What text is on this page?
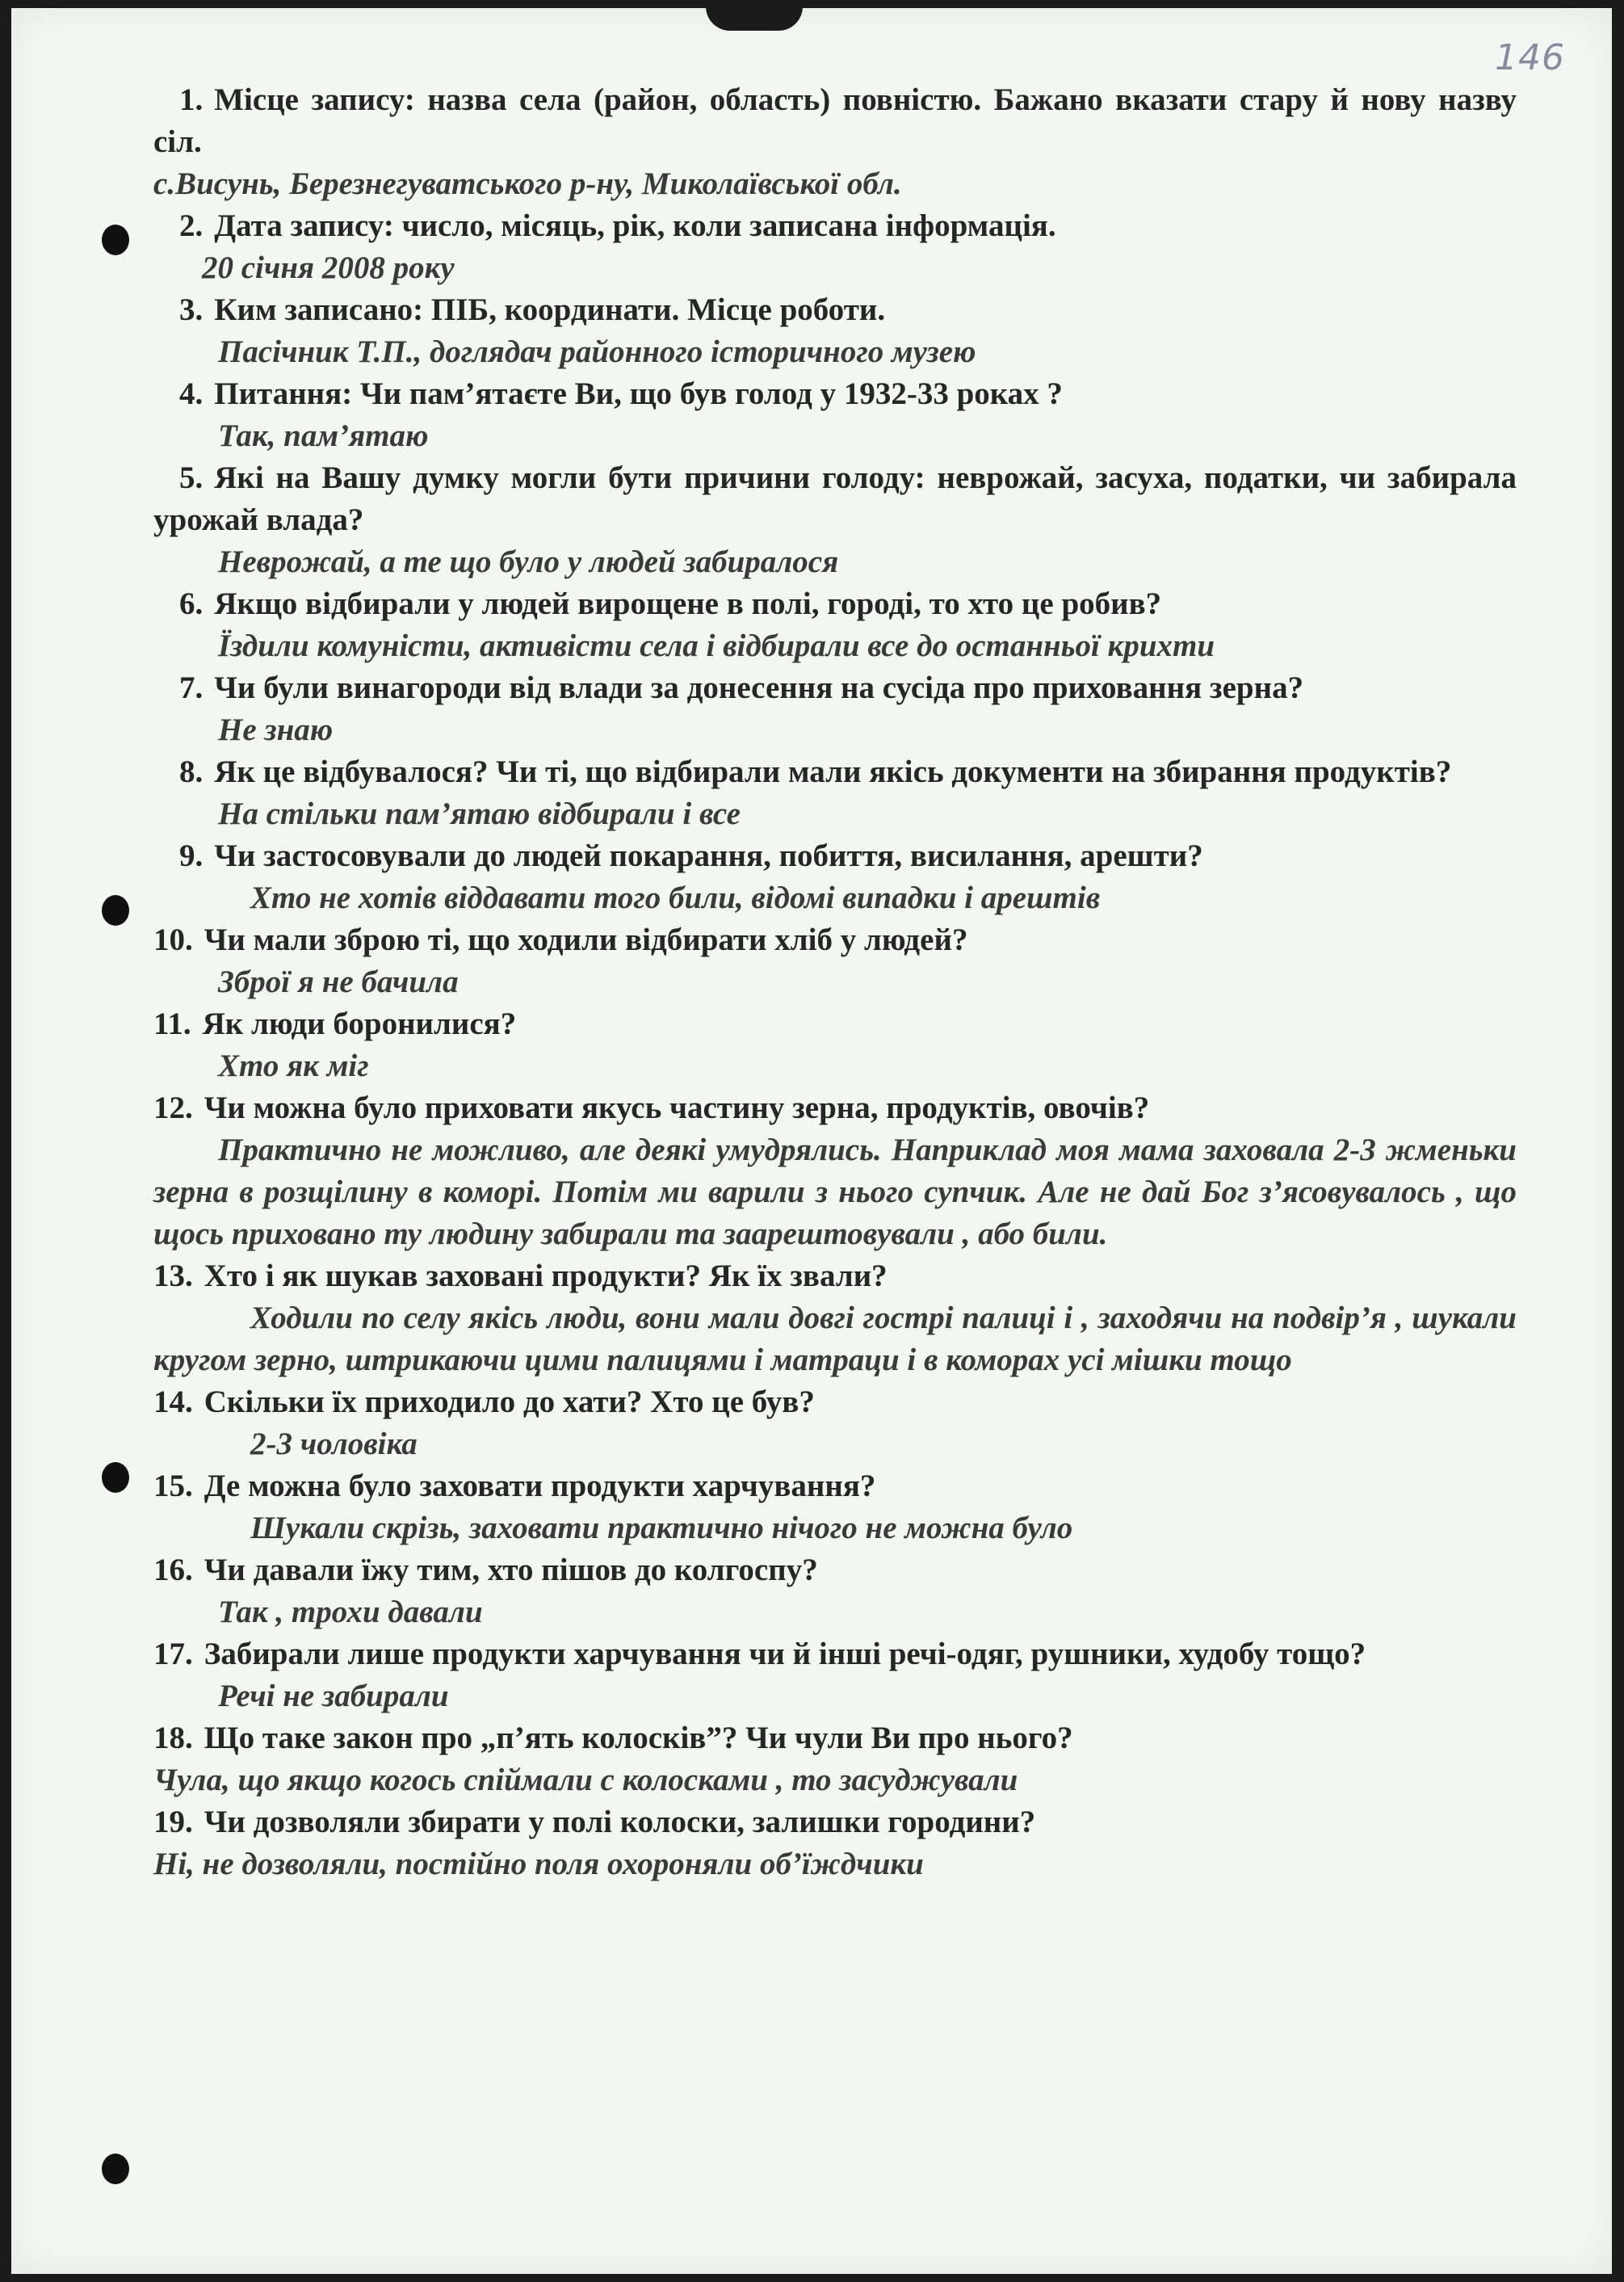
146

1. Місце запису: назва села (район, область) повністю. Бажано вказати стару й нову назву сіл.

с.Висунь, Березнегуватського р-ну, Миколаївської обл.

2. Дата запису: число, місяць, рік, коли записана інформація.

20 січня 2008 року

3. Ким записано: ПІБ, координати. Місце роботи.

Пасічник Т.П., доглядач районного історичного музею

4. Питання: Чи пам’ятаєте Ви, що був голод у 1932-33 роках ?

Так, пам’ятаю

5. Які на Вашу думку могли бути причини голоду: неврожай, засуха, податки, чи забирала урожай влада?

Неврожай, а те що було у людей забиралося

6. Якщо відбирали у людей вирощене в полі, городі, то хто це робив?

Їздили комуністи, активісти села і відбирали все до останньої крихти

7. Чи були винагороди від влади за донесення на сусіда про приховання зерна?

Не знаю

8. Як це відбувалося? Чи ті, що відбирали мали якісь документи на збирання продуктів?

На стільки пам’ятаю відбирали і все

9. Чи застосовували до людей покарання, побиття, висилання, арешти?

Хто не хотів віддавати того били, відомі випадки і арештів

10. Чи мали зброю ті, що ходили відбирати хліб у людей?

Зброї я не бачила

11. Як люди боронилися?

Хто як міг

12. Чи можна було приховати якусь частину зерна, продуктів, овочів?

Практично не можливо, але деякі умудрялись. Наприклад моя мама заховала 2-3 жменьки зерна в розщілину в коморі. Потім ми варили з нього супчик. Але не дай Бог з’ясовувалось , що щось приховано ту людину забирали та заарештовували , або били.

13. Хто і як шукав заховані продукти? Як їх звали?

Ходили по селу якісь люди, вони мали довгі гострі палиці і , заходячи на подвір’я , шукали кругом зерно, штрикаючи цими палицями і матраци і в коморах усі мішки тощо

14. Скільки їх приходило до хати? Хто це був?

2-3 чоловіка

15. Де можна було заховати продукти харчування?

Шукали скрізь, заховати практично нічого не можна було

16. Чи давали їжу тим, хто пішов до колгоспу?

Так , трохи давали

17. Забирали лише продукти харчування чи й інші речі-одяг, рушники, худобу тощо?

Речі не забирали

18. Що таке закон про „п’ять колосків”? Чи чули Ви про нього?

Чула, що якщо когось спіймали с колосками , то засуджували

19. Чи дозволяли збирати у полі колоски, залишки городини?

Ні, не дозволяли, постійно поля охороняли об’їждчики
